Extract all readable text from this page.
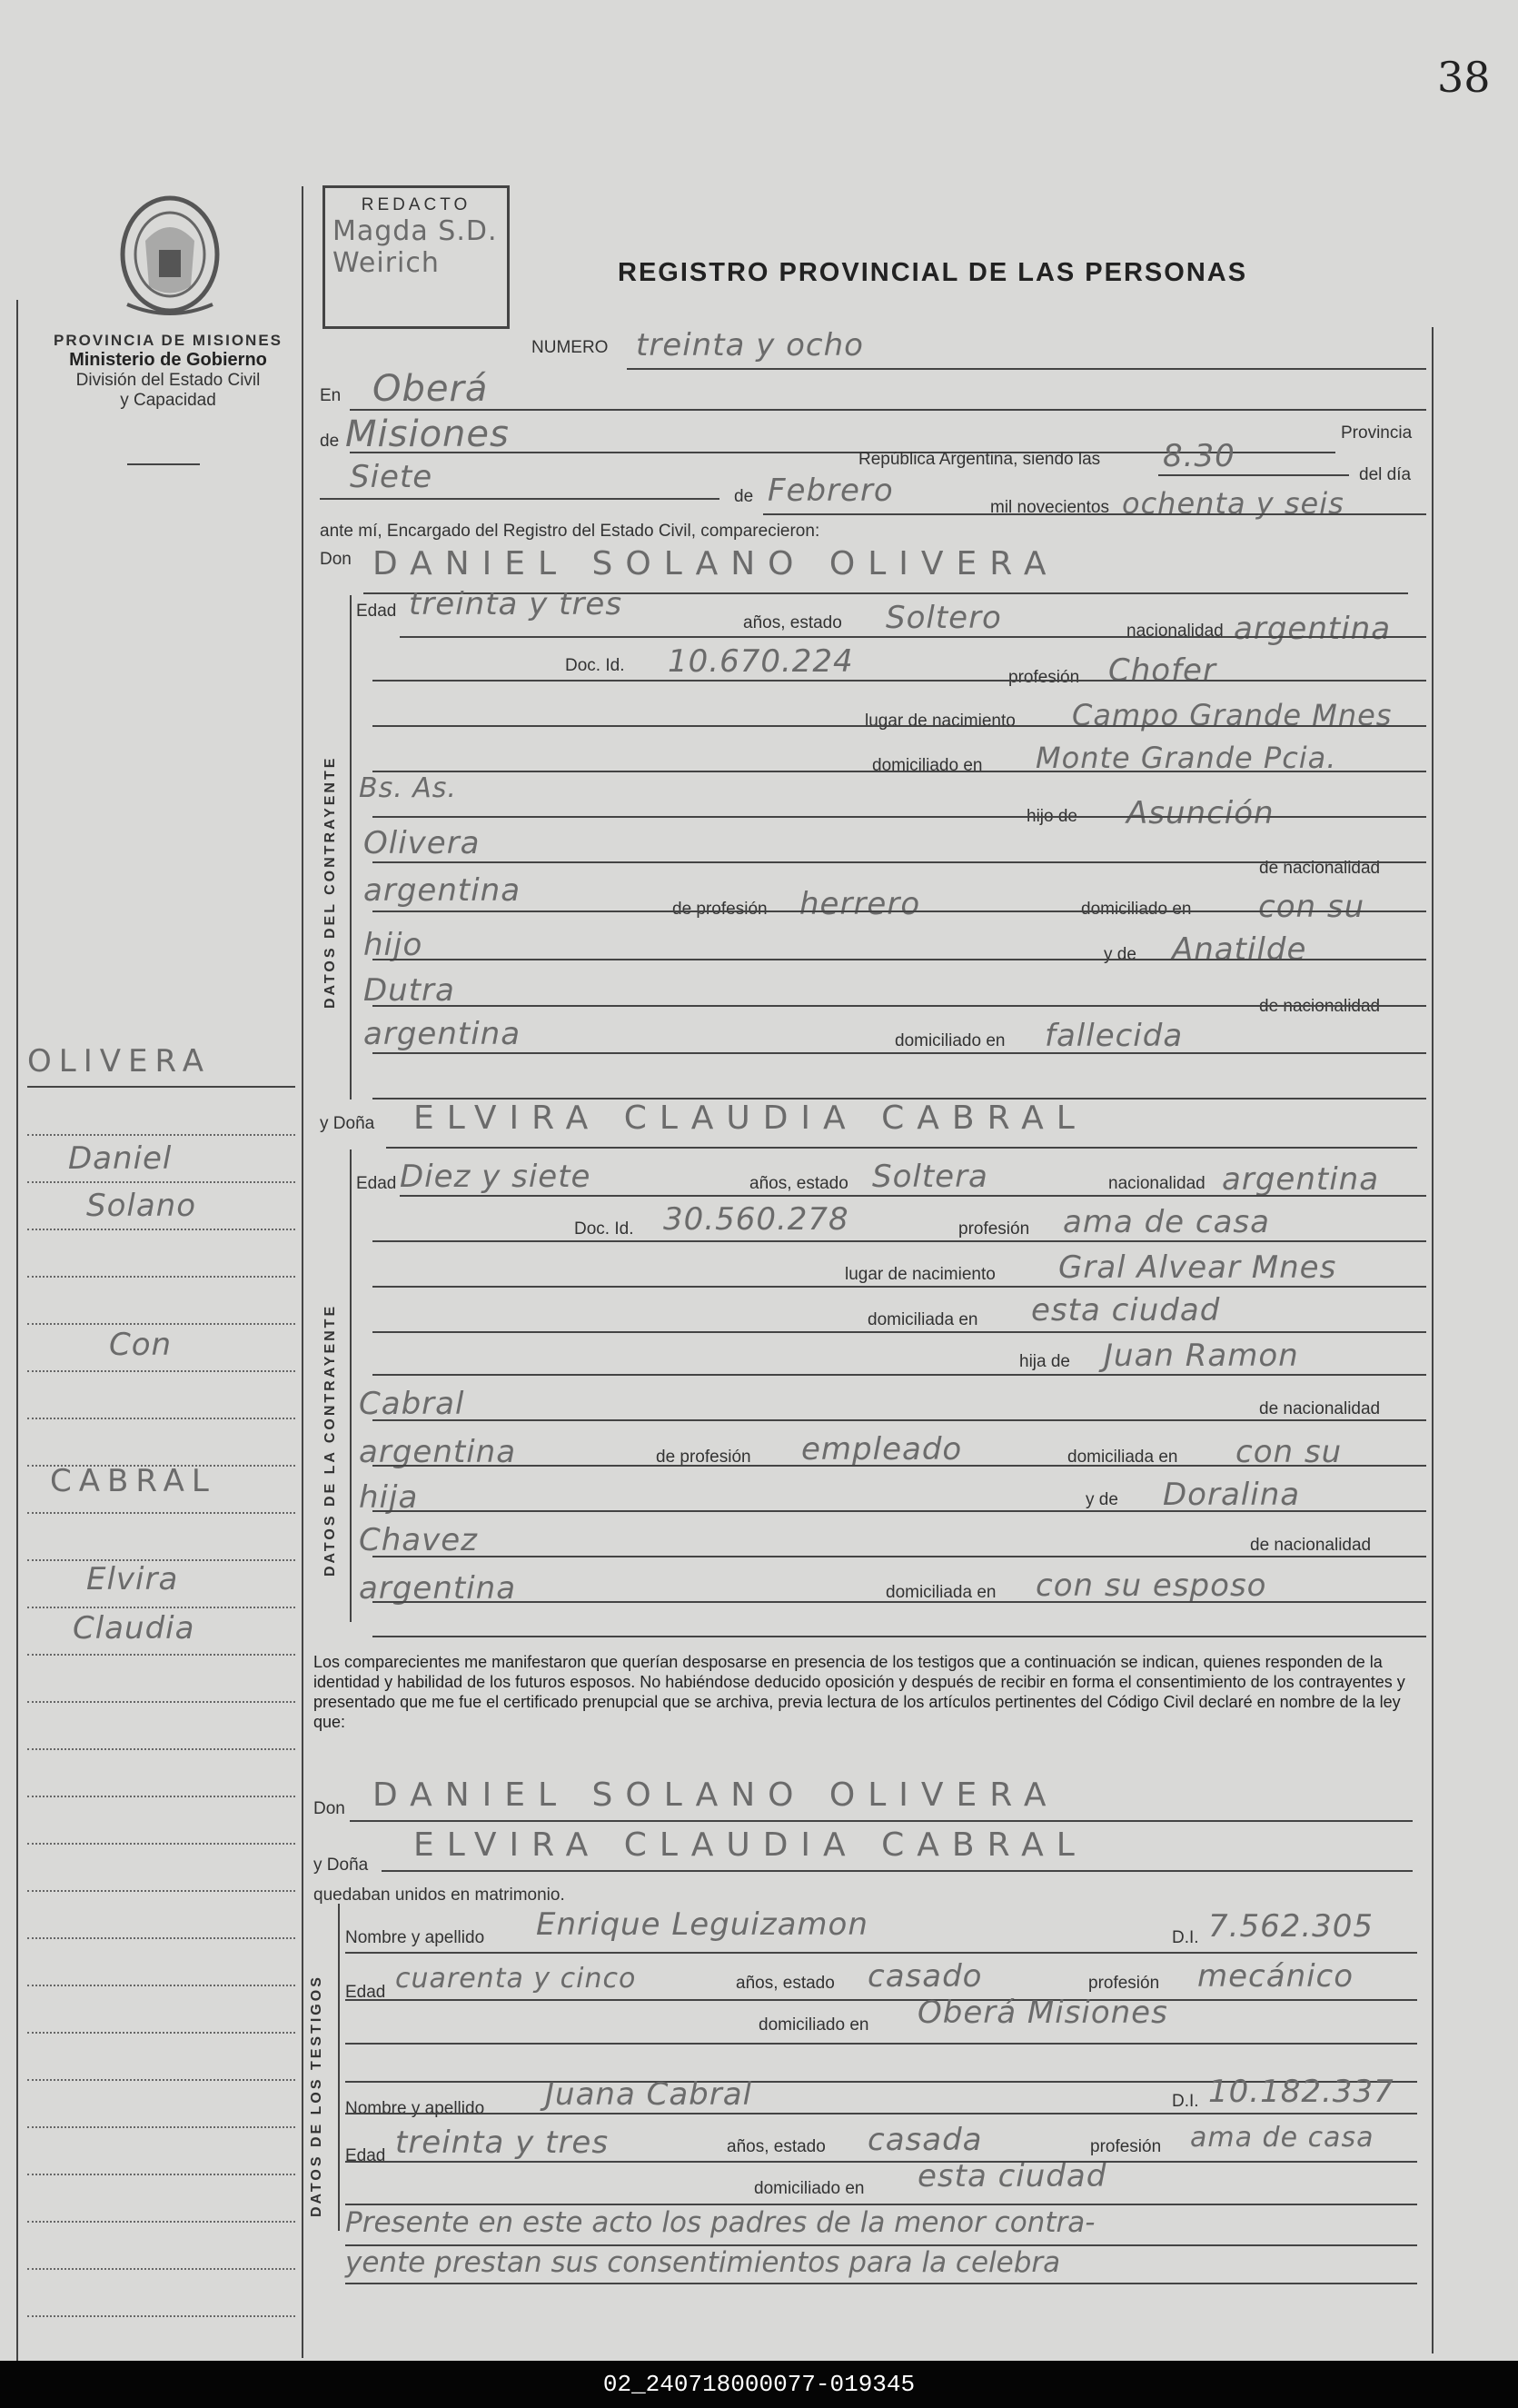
38
PROVINCIA DE MISIONES
Ministerio de Gobierno
División del Estado Civil
y Capacidad
REDACTO
Magda S.D.
Weirich	REGISTRO PROVINCIAL DE LAS PERSONAS
OLIVERA
Daniel
Solano
Con
CABRAL
Elvira
Claudia
NUMERO treinta y ocho
En Oberá
de Misiones	Provincia
República Argentina, siendo las 8.30
del día
Siete
de Febrero	mil novecientos ochenta y seis
ante mí, Encargado del Registro del Estado Civil, comparecieron:
Don DANIEL SOLANO OLIVERA
DATOS DEL CONTRAYENTE
Edad treinta y tres
años, estado Soltero	nacionalidad argentina
Doc. Id. 10.670.224	profesión Chofer
lugar de nacimiento Campo Grande Mnes
domiciliado en Monte Grande Pcia.
Bs. As.
hijo de Asunción
Olivera
de nacionalidad
argentina
de profesión herrero	domiciliado en con su
hijo	y de Anatilde
Dutra	de nacionalidad
argentina	domiciliado en fallecida
y Doña ELVIRA CLAUDIA CABRAL
DATOS DE LA CONTRAYENTE
Edad Diez y siete	años, estado Soltera	nacionalidad argentina
Doc. Id. 30.560.278	profesión ama de casa
lugar de nacimiento Gral Alvear Mnes
domiciliada en esta ciudad
hija de Juan Ramon
Cabral	de nacionalidad
argentina	de profesión empleado	domiciliada en con su
hija	y de Doralina
Chavez	de nacionalidad
argentina	domiciliada en con su esposo
Los comparecientes me manifestaron que querían desposarse en presencia de los testigos que a continuación se indican, quienes responden de la identidad y habilidad de los futuros esposos. No habiéndose deducido oposición y después de recibir en forma el consentimiento de los contrayentes y presentado que me fue el certificado prenupcial que se archiva, previa lectura de los artículos pertinentes del Código Civil declaré en nombre de la ley que:
Don DANIEL SOLANO OLIVERA
y Doña
ELVIRA CLAUDIA CABRAL
quedaban unidos en matrimonio.
DATOS DE LOS TESTIGOS
Nombre y apellido Enrique Leguizamon	D.I. 7.562.305
Edad cuarenta y cinco	años, estado casado	profesión mecánico
domiciliado en Oberá Misiones
Nombre y apellido Juana Cabral	D.I. 10.182.337
Edad treinta y tres	años, estado casada	profesión ama de casa
domiciliado en esta ciudad
Presente en este acto los padres de la menor contra-
yente prestan sus consentimientos para la celebra
02_240718000077-019345
